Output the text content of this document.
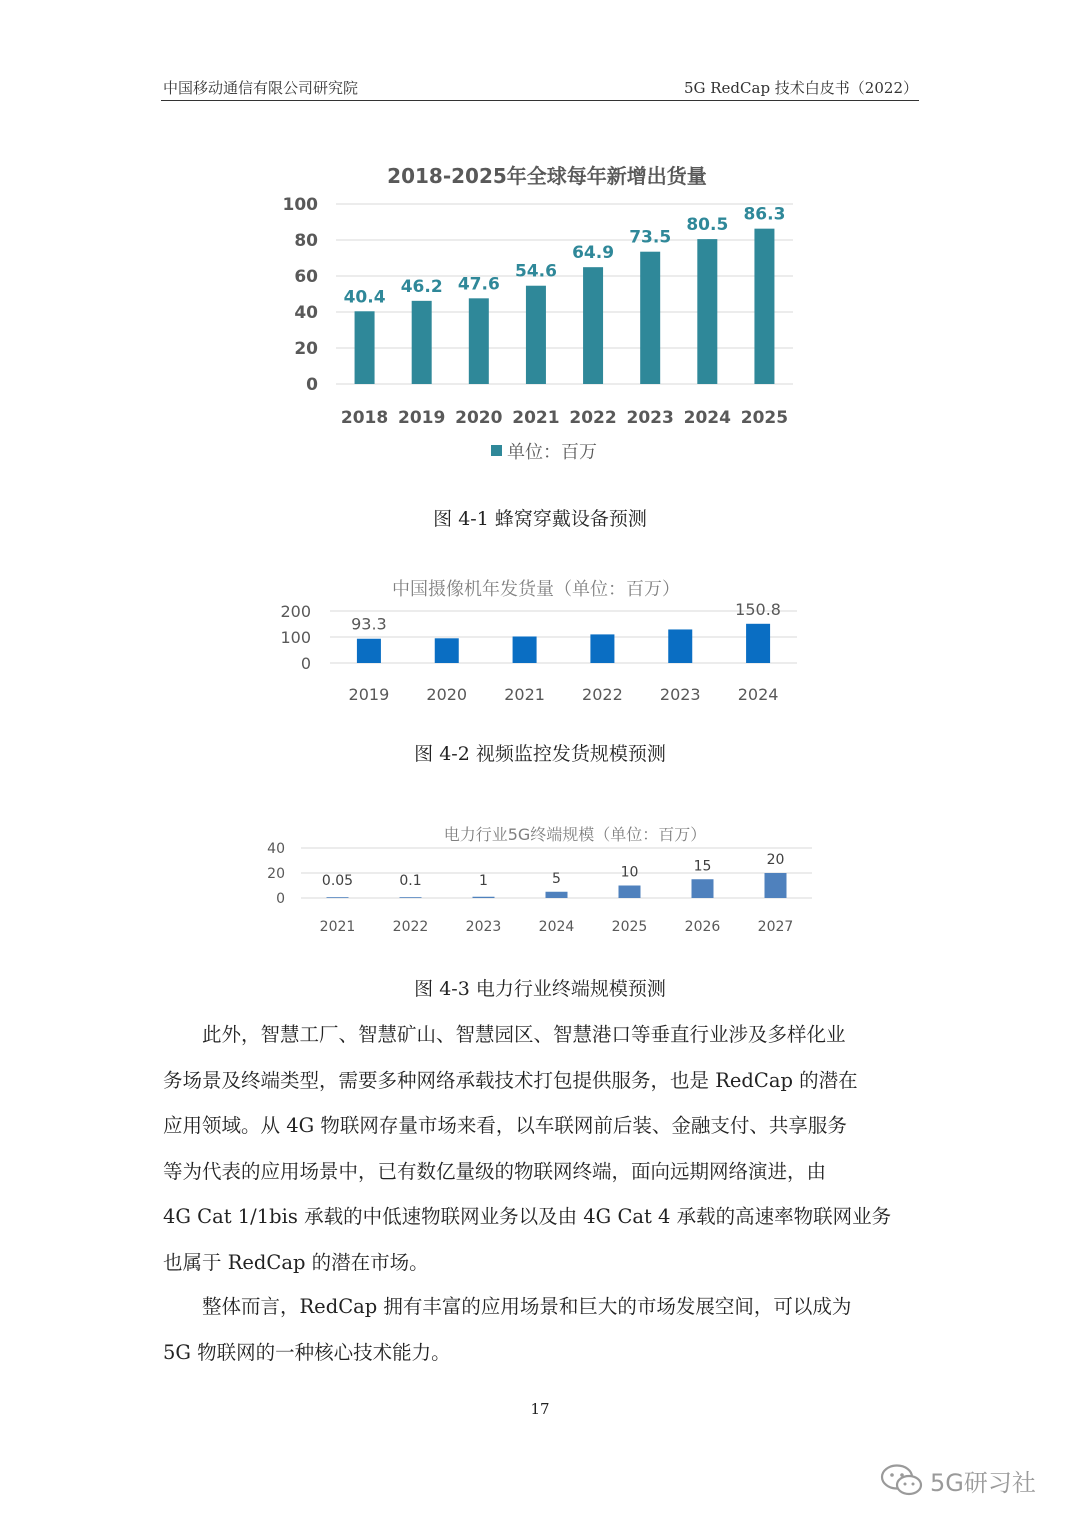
中国移动通信有限公司研究院	5G RedCap 技术白皮书（2022）
2018-2025年全球每年新增出货量
40.4
46.2 47.6
54.6
64.9
73.5
80.5
86.3
0
20
40
60
80
100
2018 2019 2020 2021 2022 2023 2024 2025
单位：百万
图 4-1 蜂窝穿戴设备预测
中国摄像机年发货量（单位：百万）
93.3
150.8
0
100
200
2019 2020 2021 2022 2023 2024
图 4-2 视频监控发货规模预测
电力行业5G终端规模（单位：百万）
0.05	0.1	1	5	10	15	20
0
20
40
2021	2022	2023	2024	2025	2026	2027
图 4-3 电力行业终端规模预测
　　此外，智慧工厂、智慧矿山、智慧园区、智慧港口等垂直行业涉及多样化业
务场景及终端类型，需要多种网络承载技术打包提供服务，也是 RedCap 的潜在
应用领域。从 4G 物联网存量市场来看，以车联网前后装、金融支付、共享服务
等为代表的应用场景中，已有数亿量级的物联网终端，面向远期网络演进，由
4G Cat 1/1bis 承载的中低速物联网业务以及由 4G Cat 4 承载的高速率物联网业务
也属于 RedCap 的潜在市场。
　　整体而言，RedCap 拥有丰富的应用场景和巨大的市场发展空间，可以成为
5G 物联网的一种核心技术能力。
17
5G研习社
